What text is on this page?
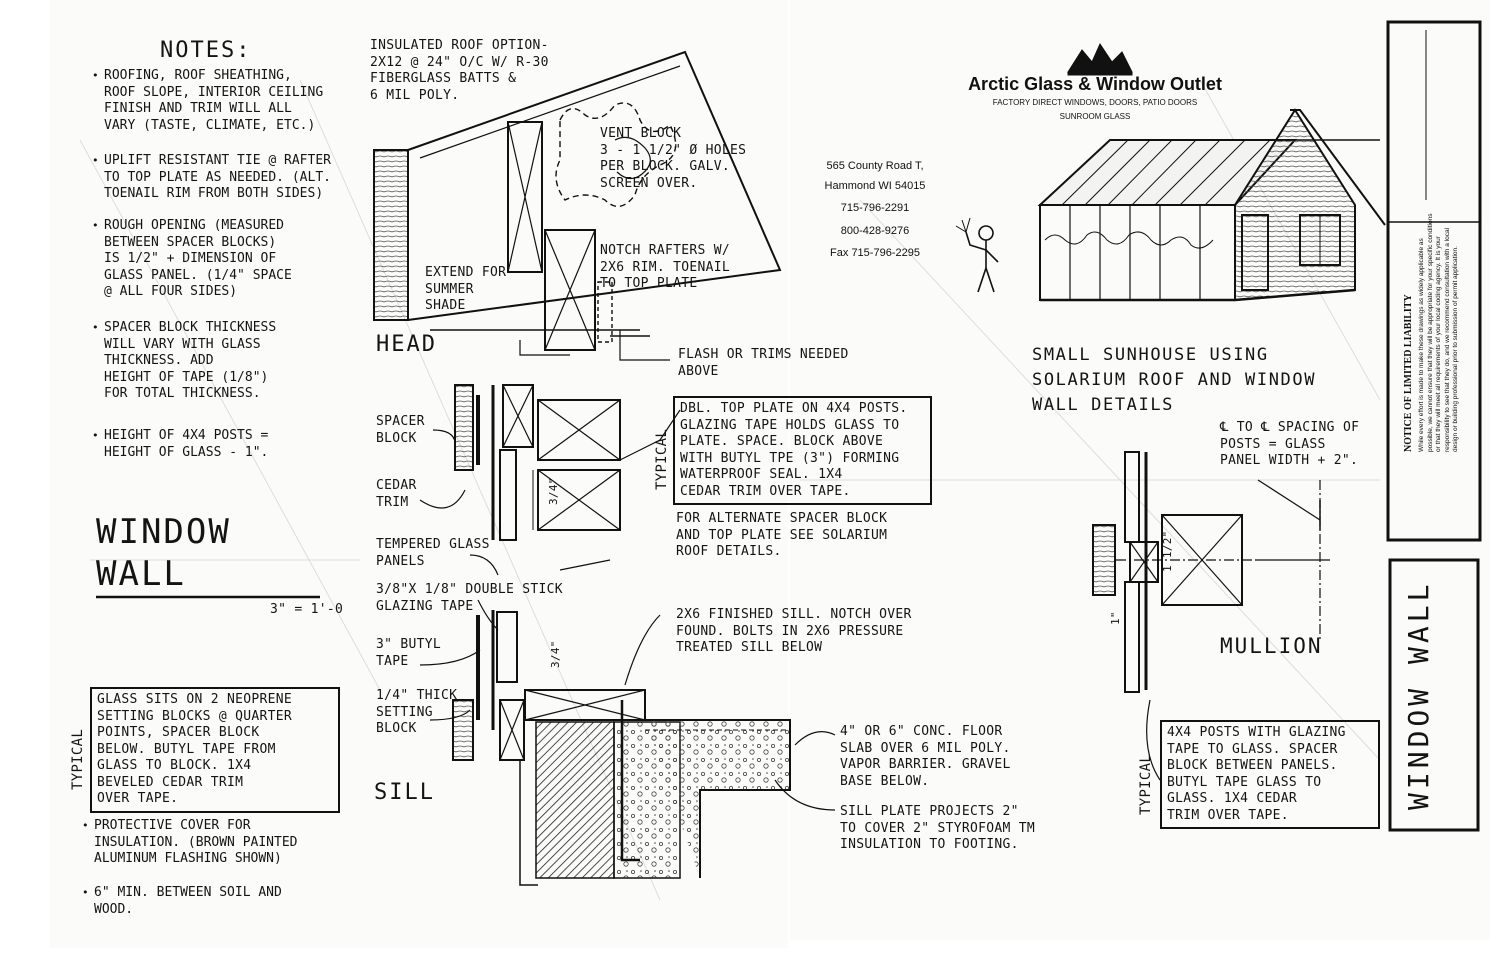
NOTES:
• ROOFING, ROOF SHEATHING,
ROOF SLOPE, INTERIOR CEILING
FINISH AND TRIM WILL ALL
VARY (TASTE, CLIMATE, ETC.)
• UPLIFT RESISTANT TIE @ RAFTER
TO TOP PLATE AS NEEDED. (ALT.
TOENAIL RIM FROM BOTH SIDES)
• ROUGH OPENING (MEASURED
BETWEEN SPACER BLOCKS)
IS 1/2" + DIMENSION OF
GLASS PANEL. (1/4" SPACE
@ ALL FOUR SIDES)
• SPACER BLOCK THICKNESS
WILL VARY WITH GLASS
THICKNESS. ADD
HEIGHT OF TAPE (1/8")
FOR TOTAL THICKNESS.
• HEIGHT OF 4X4 POSTS =
HEIGHT OF GLASS - 1".
WINDOW
WALL
3" = 1'-0
GLASS SITS ON 2 NEOPRENE
SETTING BLOCKS @ QUARTER
POINTS, SPACER BLOCK
BELOW. BUTYL TAPE FROM
GLASS TO BLOCK. 1X4
BEVELED CEDAR TRIM
OVER TAPE.
TYPICAL
• PROTECTIVE COVER FOR
INSULATION. (BROWN PAINTED
ALUMINUM FLASHING SHOWN)
• 6" MIN. BETWEEN SOIL AND
WOOD.
INSULATED ROOF OPTION-
2X12 @ 24" O/C W/ R-30
FIBERGLASS BATTS &
6 MIL POLY.
VENT BLOCK
3 - 1 1/2" Ø HOLES
PER BLOCK. GALV.
SCREEN OVER.
NOTCH RAFTERS W/
2X6 RIM. TOENAIL
TO TOP PLATE
EXTEND FOR
SUMMER
SHADE
HEAD	FLASH OR TRIMS NEEDED
ABOVE
DBL. TOP PLATE ON 4X4 POSTS.
GLAZING TAPE HOLDS GLASS TO
PLATE. SPACE. BLOCK ABOVE
WITH BUTYL TPE (3") FORMING
WATERPROOF SEAL. 1X4
CEDAR TRIM OVER TAPE.
TYPICAL
SPACER
BLOCK
CEDAR
TRIM	3/4"
FOR ALTERNATE SPACER BLOCK
AND TOP PLATE SEE SOLARIUM
ROOF DETAILS.
TEMPERED GLASS
PANELS
3/8"X 1/8" DOUBLE STICK
GLAZING TAPE
3" BUTYL
TAPE
1/4" THICK
SETTING
BLOCK
SILL
3/4"
2X6 FINISHED SILL. NOTCH OVER
FOUND. BOLTS IN 2X6 PRESSURE
TREATED SILL BELOW
4" OR 6" CONC. FLOOR
SLAB OVER 6 MIL POLY.
VAPOR BARRIER. GRAVEL
BASE BELOW.
SILL PLATE PROJECTS 2"
TO COVER 2" STYROFOAM TM
INSULATION TO FOOTING.
Arctic Glass & Window Outlet
FACTORY DIRECT WINDOWS, DOORS, PATIO DOORS
SUNROOM GLASS
565 County Road T,
Hammond WI 54015
715-796-2291
800-428-9276
Fax 715-796-2295
SMALL SUNHOUSE USING
SOLARIUM ROOF AND WINDOW
WALL DETAILS
℄ TO ℄ SPACING OF
POSTS = GLASS
PANEL WIDTH + 2".
1"
1 1/2"
MULLION
4X4 POSTS WITH GLAZING
TAPE TO GLASS. SPACER
BLOCK BETWEEN PANELS.
BUTYL TAPE GLASS TO
GLASS. 1X4 CEDAR
TRIM OVER TAPE.
TYPICAL
NOTICE OF LIMITED LIABILITY While every effort is made to make these drawings as widely applicable as possible, we cannot ensure that they will be appropriate for your specific conditions or that they will meet all requirements of your local coding agency. It is your responsibility to see that they do, and we recommend consultation with a local design or building professional prior to submission of permit application.
WINDOW WALL
